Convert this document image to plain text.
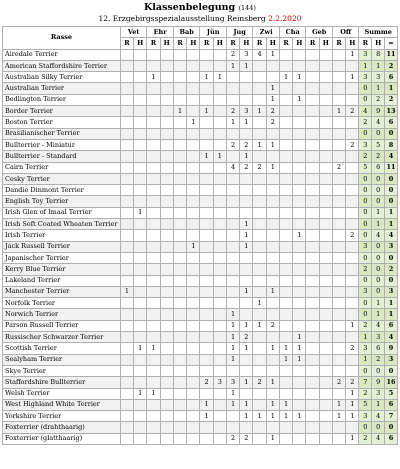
Klassenbelegung (144)
12. Erzgebirgsspezialausstellung Reinsberg 2.2.2020
Rasse	Vet		Ehr		Bab		Jün		Jug		Zwi		Cha		Geb		Off		Summe		
	R	H	R	H	R	H	R	H	R	H	R	H	R	H	R	H	R	H	R	H	=
Airedale Terrier									2	3	4	1						1	3	8	11
American Staffordshire Terrier									1	1									1	1	2
Australian Silky Terrier			1				1	1					1	1				1	3	3	6
Australian Terrier												1							0	1	1
Bedlington Terrier												1		1					0	2	2
Border Terrier					1		1		2	3	1	2					1	2	4	9	13
Boston Terrier						1			1	1		2							2	4	6
Brasilianischer Terrier																			0	0	0
Bullterrier - Miniatur									2	2	1	1						2	3	5	8
Bullterrier - Standard							1	1		1									2	2	4
Cairn Terrier									4	2	2	1					2		5	6	11
Cesky Terrier																			0	0	0
Dandie Dinmont Terrier																			0	0	0
English Toy Terrier																			0	0	0
Irish Glen of Imaal Terrier		1																	0	1	1
Irish Soft Coated Wheaten Terrier										1									0	1	1
Irish Terrier										1				1				2	0	4	4
Jack Russell Terrier						1				1									3	0	3
Japanischer Terrier																			0	0	0
Kerry Blue Terrier																			2	0	2
Lakeland Terrier																			0	0	0
Manchester Terrier	1									1		1							3	0	3
Norfolk Terrier											1								0	1	1
Norwich Terrier									1										0	1	1
Parson Russell Terrier									1	1	1	2						1	2	4	6
Russischer Schwarzer Terrier									1	2				1					1	3	4
Scottish Terrier		1	1						1	1		1	1	1				2	3	6	9
Sealyham Terrier									1				1	1					1	2	3
Skye Terrier																			0	0	0
Staffordshire Bullterrier							2	3	3	1	2	1					2	2	7	9	16
Welsh Terrier		1	1						1									1	2	3	5
West Highland White Terrier							1		1	1		1	1				1	1	5	1	6
Yorkshire Terrier							1			1	1	1	1	1			1	1	3	4	7
Foxterrier (drahthaarig)																			0	0	0
Foxterrier (glatthaarig)									2	2		1						1	2	4	6
